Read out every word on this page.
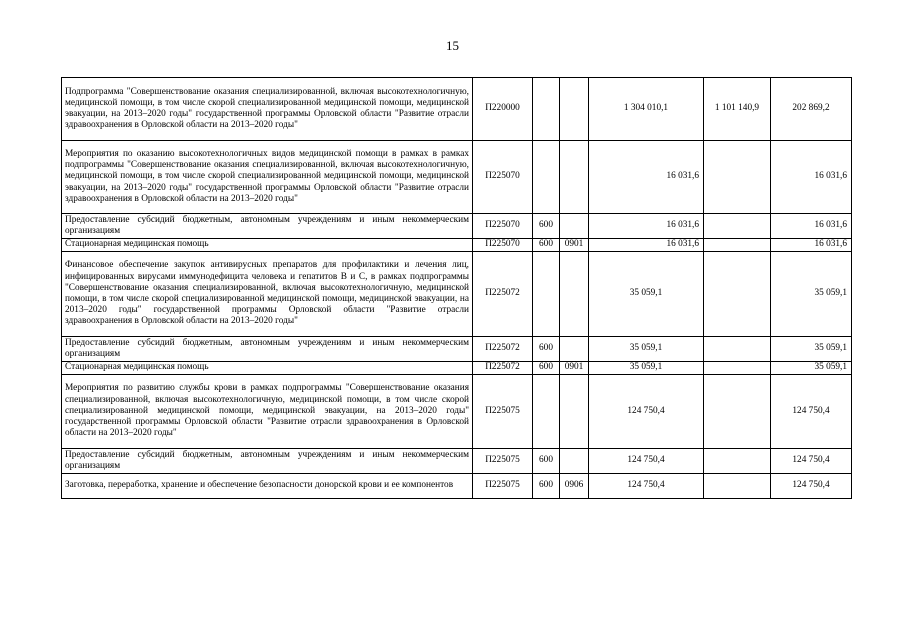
15
Подпрограмма "Совершенствование оказания специализированной, включая высокотехнологичную, медицинской помощи, в том числе скорой специализированной медицинской помощи, медицинской эвакуации, на 2013–2020 годы" государственной программы Орловской области "Развитие отрасли здравоохранения в Орловской области на 2013–2020 годы"	П220000			1 304 010,1	1 101 140,9	202 869,2
Мероприятия по оказанию высокотехнологичных видов медицинской помощи в рамках в рамках подпрограммы "Совершенствование оказания специализированной, включая высокотехнологичную, медицинской помощи, в том числе скорой специализированной медицинской помощи, медицинской эвакуации, на 2013–2020 годы" государственной программы Орловской области "Развитие отрасли здравоохранения в Орловской области на 2013–2020 годы"	П225070			16 031,6		16 031,6
Предоставление субсидий бюджетным, автономным учреждениям и иным некоммерческим организациям	П225070	600		16 031,6		16 031,6
Стационарная медицинская помощь	П225070	600	0901	16 031,6		16 031,6
Финансовое обеспечение закупок антивирусных препаратов для профилактики и лечения лиц, инфицированных вирусами иммунодефицита человека и гепатитов В и С, в рамках подпрограммы "Совершенствование оказания специализированной, включая высокотехнологичную, медицинской помощи, в том числе скорой специализированной медицинской помощи, медицинской эвакуации, на 2013–2020 годы" государственной программы Орловской области "Развитие отрасли здравоохранения в Орловской области на 2013–2020 годы"	П225072			35 059,1		35 059,1
Предоставление субсидий бюджетным, автономным учреждениям и иным некоммерческим организациям	П225072	600		35 059,1		35 059,1
Стационарная медицинская помощь	П225072	600	0901	35 059,1		35 059,1
Мероприятия по развитию службы крови в рамках подпрограммы "Совершенствование оказания специализированной, включая высокотехнологичную, медицинской помощи, в том числе скорой специализированной медицинской помощи, медицинской эвакуации, на 2013–2020 годы" государственной программы Орловской области "Развитие отрасли здравоохранения в Орловской области на 2013–2020 годы"	П225075			124 750,4		124 750,4
Предоставление субсидий бюджетным, автономным учреждениям и иным некоммерческим организациям	П225075	600		124 750,4		124 750,4
Заготовка, переработка, хранение и обеспечение безопасности донорской крови и ее компонентов	П225075	600	0906	124 750,4		124 750,4
